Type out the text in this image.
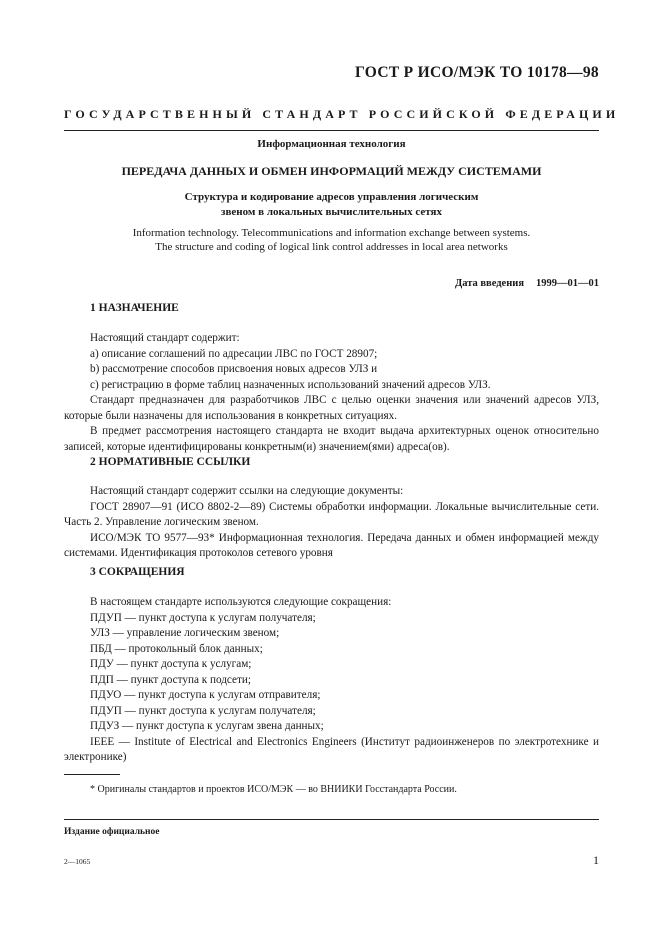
ГОСТ Р ИСО/МЭК ТО 10178—98
ГОСУДАРСТВЕННЫЙ СТАНДАРТ РОССИЙСКОЙ ФЕДЕРАЦИИ
Информационная технология
ПЕРЕДАЧА ДАННЫХ И ОБМЕН ИНФОРМАЦИЙ МЕЖДУ СИСТЕМАМИ
Структура и кодирование адресов управления логическим
звеном в локальных вычислительных сетях
Information technology. Telecommunications and information exchange between systems.
The structure and coding of logical link control addresses in local area networks
Дата введения 1999—01—01
1 НАЗНАЧЕНИЕ

Настоящий стандарт содержит:

а) описание соглашений по адресации ЛВС по ГОСТ 28907;

b) рассмотрение способов присвоения новых адресов УЛЗ и

с) регистрацию в форме таблиц назначенных использований значений адресов УЛЗ.

Стандарт предназначен для разработчиков ЛВС с целью оценки значения или значений адресов УЛЗ, которые были назначены для использования в конкретных ситуациях.

В предмет рассмотрения настоящего стандарта не входит выдача архитектурных оценок относительно записей, которые идентифицированы конкретным(и) значением(ями) адреса(ов).

2 НОРМАТИВНЫЕ ССЫЛКИ

Настоящий стандарт содержит ссылки на следующие документы:

ГОСТ 28907—91 (ИСО 8802-2—89) Системы обработки информации. Локальные вычислительные сети. Часть 2. Управление логическим звеном.

ИСО/МЭК ТО 9577—93* Информационная технология. Передача данных и обмен информацией между системами. Идентификация протоколов сетевого уровня

3 СОКРАЩЕНИЯ

В настоящем стандарте используются следующие сокращения:

ПДУП — пункт доступа к услугам получателя;

УЛЗ — управление логическим звеном;

ПБД — протокольный блок данных;

ПДУ — пункт доступа к услугам;

ПДП — пункт доступа к подсети;

ПДУО — пункт доступа к услугам отправителя;

ПДУП — пункт доступа к услугам получателя;

ПДУЗ — пункт доступа к услугам звена данных;

IEEE — Institute of Electrical and Electronics Engineers (Институт радиоинженеров по электротехнике и электронике)

* Оригиналы стандартов и проектов ИСО/МЭК — во ВНИИКИ Госстандарта России.
Издание официальное
2—1065	1
